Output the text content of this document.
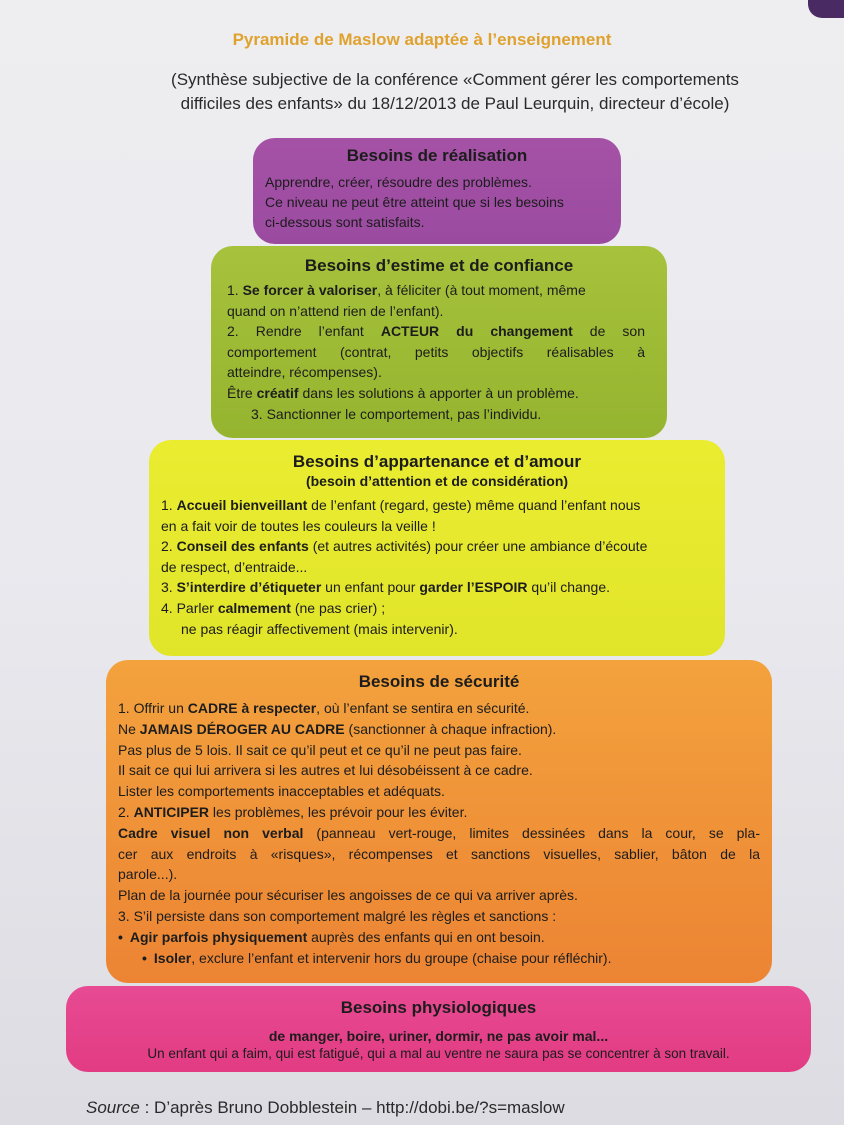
Pyramide de Maslow adaptée à l’enseignement
(Synthèse subjective de la conférence «Comment gérer les comportements
difficiles des enfants» du 18/12/2013 de Paul Leurquin, directeur d’école)
Besoins de réalisation
Apprendre, créer, résoudre des problèmes.
Ce niveau ne peut être atteint que si les besoins
ci-dessous sont satisfaits.
Besoins d’estime et de confiance
1. Se forcer à valoriser, à féliciter (à tout moment, même
quand on n’attend rien de l’enfant).
2. Rendre l’enfant ACTEUR du changement de son
comportement (contrat, petits objectifs réalisables à
atteindre, récompenses).
Être créatif dans les solutions à apporter à un problème.
3. Sanctionner le comportement, pas l’individu.
Besoins d’appartenance et d’amour
(besoin d’attention et de considération)
1. Accueil bienveillant de l’enfant (regard, geste) même quand l’enfant nous
en a fait voir de toutes les couleurs la veille !
2. Conseil des enfants (et autres activités) pour créer une ambiance d’écoute
de respect, d’entraide...
3. S’interdire d’étiqueter un enfant pour garder l’ESPOIR qu’il change.
4. Parler calmement (ne pas crier) ;
ne pas réagir affectivement (mais intervenir).
Besoins de sécurité
1. Offrir un CADRE à respecter, où l’enfant se sentira en sécurité.
Ne JAMAIS DÉROGER AU CADRE (sanctionner à chaque infraction).
Pas plus de 5 lois. Il sait ce qu’il peut et ce qu’il ne peut pas faire.
Il sait ce qui lui arrivera si les autres et lui désobéissent à ce cadre.
Lister les comportements inacceptables et adéquats.
2. ANTICIPER les problèmes, les prévoir pour les éviter.
Cadre visuel non verbal (panneau vert-rouge, limites dessinées dans la cour, se pla-
cer aux endroits à «risques», récompenses et sanctions visuelles, sablier, bâton de la
parole...).
Plan de la journée pour sécuriser les angoisses de ce qui va arriver après.
3. S’il persiste dans son comportement malgré les règles et sanctions :
• Agir parfois physiquement auprès des enfants qui en ont besoin.
• Isoler, exclure l’enfant et intervenir hors du groupe (chaise pour réfléchir).
Besoins physiologiques
de manger, boire, uriner, dormir, ne pas avoir mal...
Un enfant qui a faim, qui est fatigué, qui a mal au ventre ne saura pas se concentrer à son travail.
Source : D’après Bruno Dobblestein – http://dobi.be/?s=maslow
